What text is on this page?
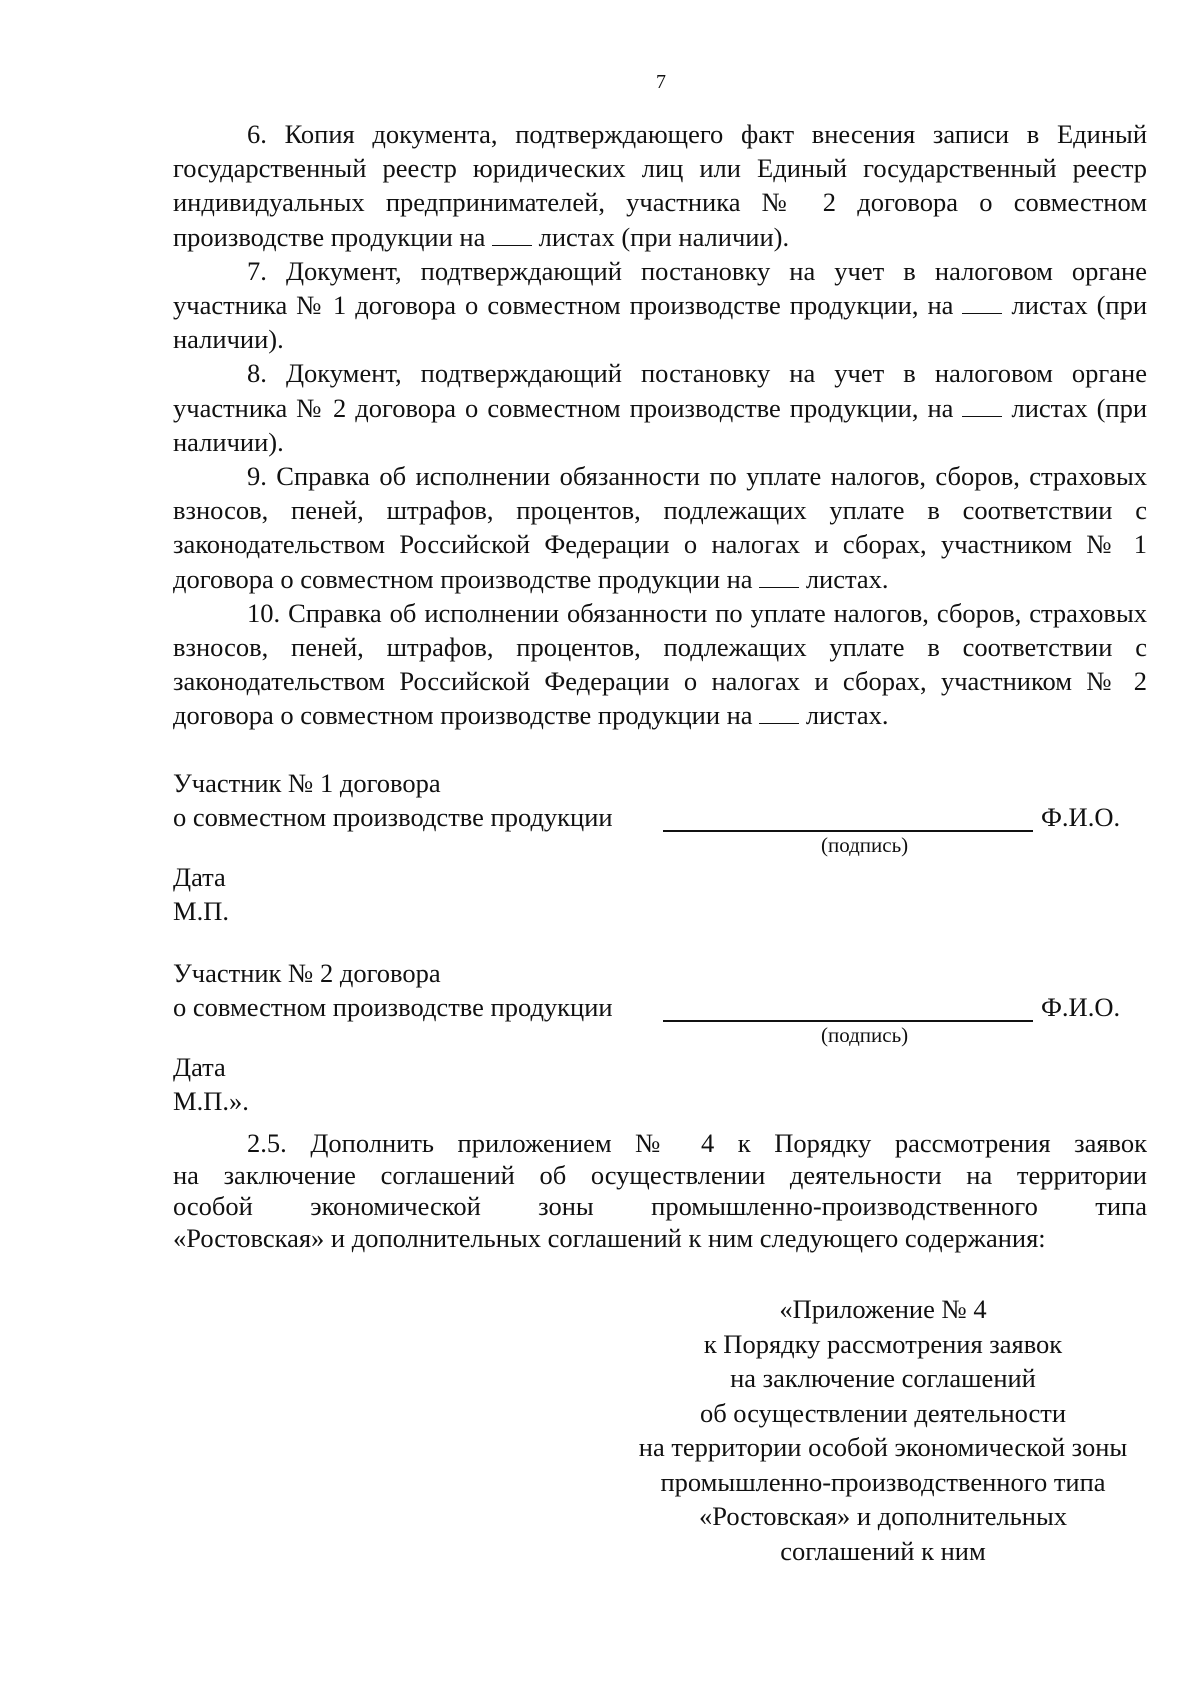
7

6. Копия документа, подтверждающего факт внесения записи в Единый государственный реестр юридических лиц или Единый государственный реестр индивидуальных предпринимателей, участника № 2 договора о совместном производстве продукции на листах (при наличии).

7. Документ, подтверждающий постановку на учет в налоговом органе участника № 1 договора о совместном производстве продукции, на листах (при наличии).

8. Документ, подтверждающий постановку на учет в налоговом органе участника № 2 договора о совместном производстве продукции, на листах (при наличии).

9. Справка об исполнении обязанности по уплате налогов, сборов, страховых взносов, пеней, штрафов, процентов, подлежащих уплате в соответствии с законодательством Российской Федерации о налогах и сборах, участником № 1 договора о совместном производстве продукции на листах.

10. Справка об исполнении обязанности по уплате налогов, сборов, страховых взносов, пеней, штрафов, процентов, подлежащих уплате в соответствии с законодательством Российской Федерации о налогах и сборах, участником № 2 договора о совместном производстве продукции на листах.

Участник № 1 договора
о совместном производстве продукции	Ф.И.О.
(подпись)
Дата
М.П.
Участник № 2 договора
о совместном производстве продукции	Ф.И.О.
(подпись)
Дата
М.П.».
2.5. Дополнить приложением № 4 к Порядку рассмотрения заявок
на заключение соглашений об осуществлении деятельности на территории
особой экономической зоны промышленно-производственного типа
«Ростовская» и дополнительных соглашений к ним следующего содержания:
«Приложение № 4
к Порядку рассмотрения заявок
на заключение соглашений
об осуществлении деятельности
на территории особой экономической зоны
промышленно-производственного типа
«Ростовская» и дополнительных
соглашений к ним
